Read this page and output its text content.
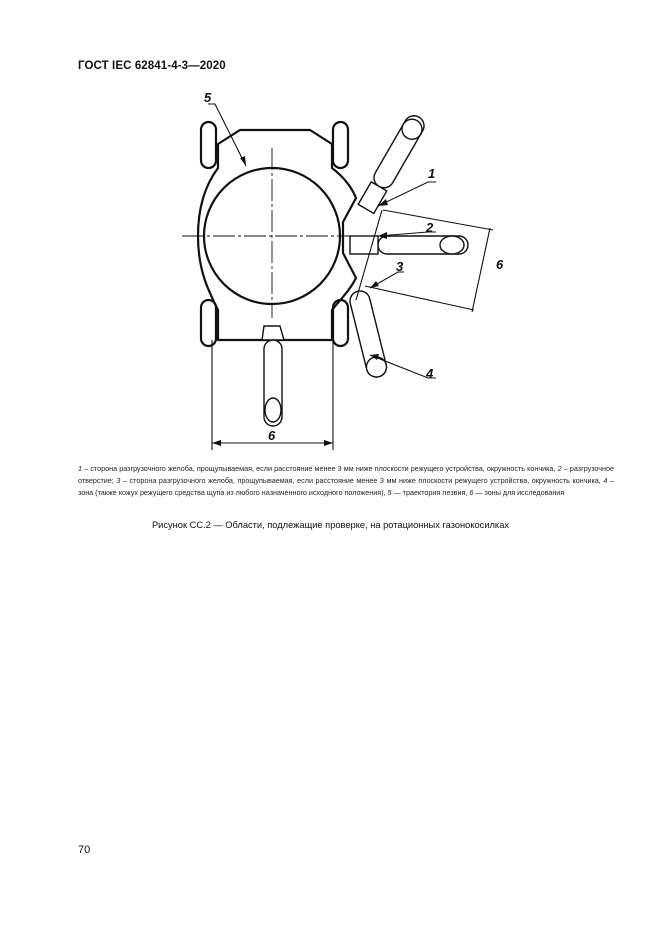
ГОСТ IEC 62841-4-3—2020
1
2
3
4
5
6
6
1 – сторона разгрузочного желоба, прощупываемая, если расстояние менее 3 мм ниже плоскости режущего устройства, окружность кончика, 2 – разгрузочное отверстие; 3 – сторона разгрузочного желоба, прощупываемая, если расстояние менее 3 мм ниже плоскости режущего устройства, окружность кончика, 4 – зона (также кожух режущего средства щупа из любого назначенного исходного положения), 5 — траектория лезвия, 6 — зоны для исследования
Рисунок СС.2 — Области, подлежащие проверке, на ротационных газонокосилках
70
